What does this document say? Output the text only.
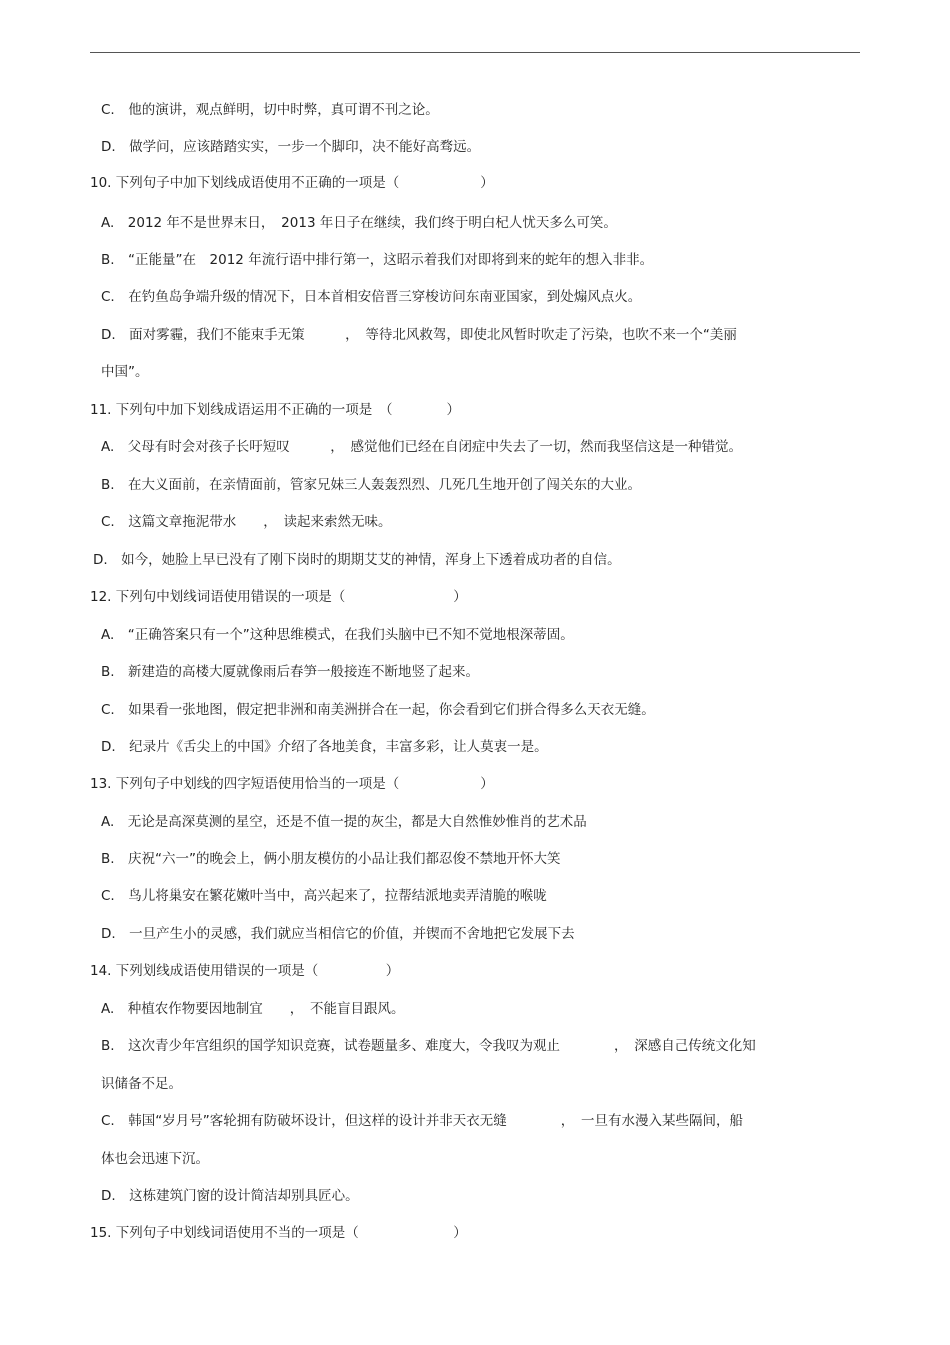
C.　他的演讲，观点鲜明，切中时弊，真可谓不刊之论。
D.　做学问，应该踏踏实实，一步一个脚印，决不能好高骛远。
10. 下列句子中加下划线成语使用不正确的一项是（　　　　　　）
A.　2012 年不是世界末日，　2013 年日子在继续，我们终于明白杞人忧天多么可笑。
B.　“正能量”在　2012 年流行语中排行第一，这昭示着我们对即将到来的蛇年的想入非非。
C.　在钓鱼岛争端升级的情况下，日本首相安倍晋三穿梭访问东南亚国家，到处煽风点火。
D.　面对雾霾，我们不能束手无策　　　，　等待北风救驾，即使北风暂时吹走了污染，也吹不来一个“美丽
中国”。
11. 下列句中加下划线成语运用不正确的一项是　（　　　　）
A.　父母有时会对孩子长吁短叹　　　，　感觉他们已经在自闭症中失去了一切，然而我坚信这是一种错觉。
B.　在大义面前，在亲情面前，管家兄妹三人轰轰烈烈、几死几生地开创了闯关东的大业。
C.　这篇文章拖泥带水　　，　读起来索然无味。
D.　如今，她脸上早已没有了刚下岗时的期期艾艾的神情，浑身上下透着成功者的自信。
12. 下列句中划线词语使用错误的一项是（　　　　　　　　）
A.　“正确答案只有一个”这种思维模式，在我们头脑中已不知不觉地根深蒂固。
B.　新建造的高楼大厦就像雨后春笋一般接连不断地竖了起来。
C.　如果看一张地图，假定把非洲和南美洲拼合在一起，你会看到它们拼合得多么天衣无缝。
D.　纪录片《舌尖上的中国》介绍了各地美食，丰富多彩，让人莫衷一是。
13. 下列句子中划线的四字短语使用恰当的一项是（　　　　　　）
A.　无论是高深莫测的星空，还是不值一提的灰尘，都是大自然惟妙惟肖的艺术品
B.　庆祝“六一”的晚会上，俩小朋友模仿的小品让我们都忍俊不禁地开怀大笑
C.　鸟儿将巢安在繁花嫩叶当中，高兴起来了，拉帮结派地卖弄清脆的喉咙
D.　一旦产生小的灵感，我们就应当相信它的价值，并锲而不舍地把它发展下去
14. 下列划线成语使用错误的一项是（　　　　　）
A.　种植农作物要因地制宜　　，　不能盲目跟风。
B.　这次青少年宫组织的国学知识竞赛，试卷题量多、难度大，令我叹为观止　　　　，　深感自己传统文化知
识储备不足。
C.　韩国“岁月号”客轮拥有防破坏设计，但这样的设计并非天衣无缝　　　　，　一旦有水漫入某些隔间，船
体也会迅速下沉。
D.　这栋建筑门窗的设计简洁却别具匠心。
15. 下列句子中划线词语使用不当的一项是（　　　　　　　）
